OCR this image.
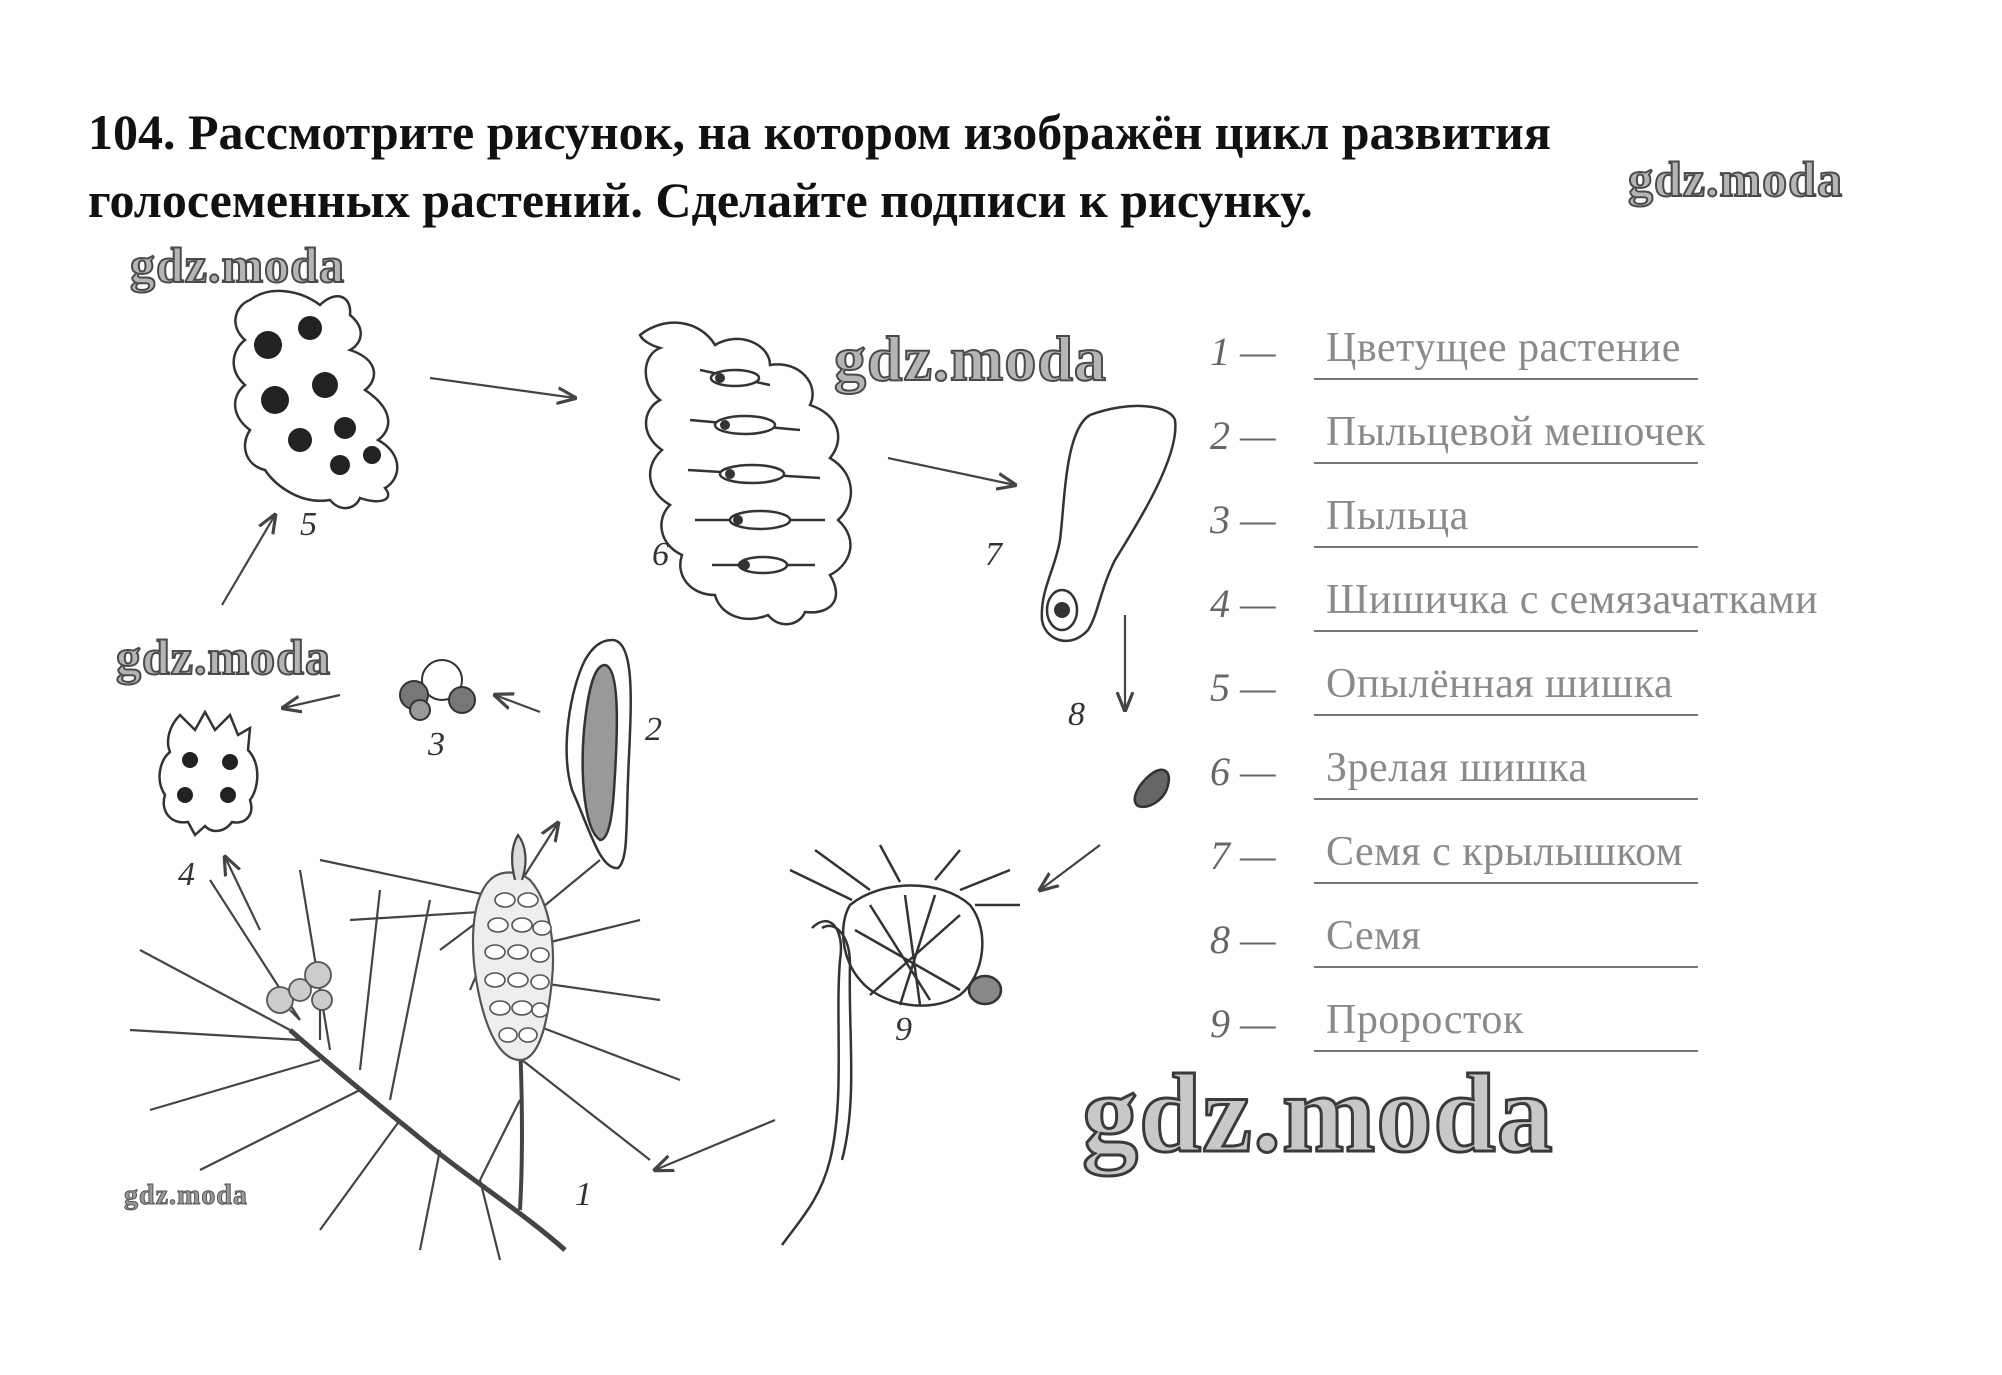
104. Рассмотрите рисунок, на котором изображён цикл развития
голосеменных растений. Сделайте подписи к рисунку.
1
2
3
4
5
6	7
8
9
1 — Цветущее растение
2 — Пыльцевой мешочек
3 — Пыльца
4 — Шишичка с семязачатками
5 — Опылённая шишка
6 — Зрелая шишка
7 — Семя с крылышком
8 — Семя
9 — Проросток
gdz.moda
gdz.moda
gdz.moda
gdz.moda
gdz.moda
gdz.moda
